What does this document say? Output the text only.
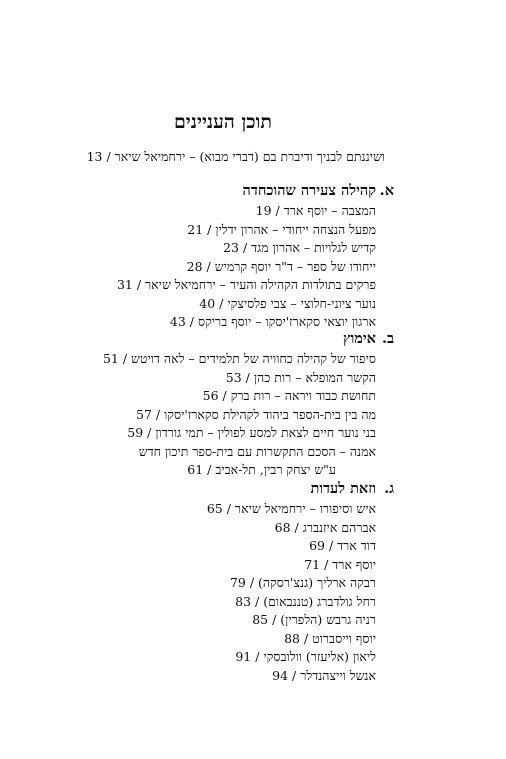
תוכן העניינים
ושיננתם לבניך ודיברת בם (דברי מבוא) – ירחמיאל שיאר / 13
א.קהילה צעירה שהוכחדה
המצבה – יוסף ארד / 19
מפעל הנצחה ייחודי – אהרון ידלין / 21
קדיש לגלויות – אהרון מגד / 23
ייחודו של ספר – ד"ר יוסף קרמיש / 28
פרקים בתולדות הקהילה והעיר – ירחמיאל שיאר / 31
נוער ציוני-חלוצי – צבי פלסיצקי / 40
ארגון יוצאי סקארז'יסקו – יוסף בריקס / 43
ב.אימוץ
סיפור של קהילה כחוויה של תלמידים – לאה דויטש / 51
הקשר המופלא – רות כהן / 53
תחושת כבוד ויראה – רות ברק / 56
מה בין בית-הספר ביהוד לקהילת סקארז'יסקו / 57
בני נוער חיים לצאת למסע לפולין – תמי גורדון / 59
אמנה – הסכם התקשרות עם בית-ספר תיכון חדש
ע"ש יצחק רבין, תל-אביב / 61
ג.וזאת לעדות
איש וסיפורו – ירחמיאל שיאר / 65
אברהם איזנברג / 68
דוד ארד / 69
יוסף ארד / 71
רבקה ארליך (גנצ'רסקה) / 79
רחל גולדברג (טננבאום) / 83
רניה גרבש (הלפרין) / 85
יוסף וייסברוט / 88
ליאון (אליעזר) וולובסקי / 91
אנשל וייצהנדלר / 94
